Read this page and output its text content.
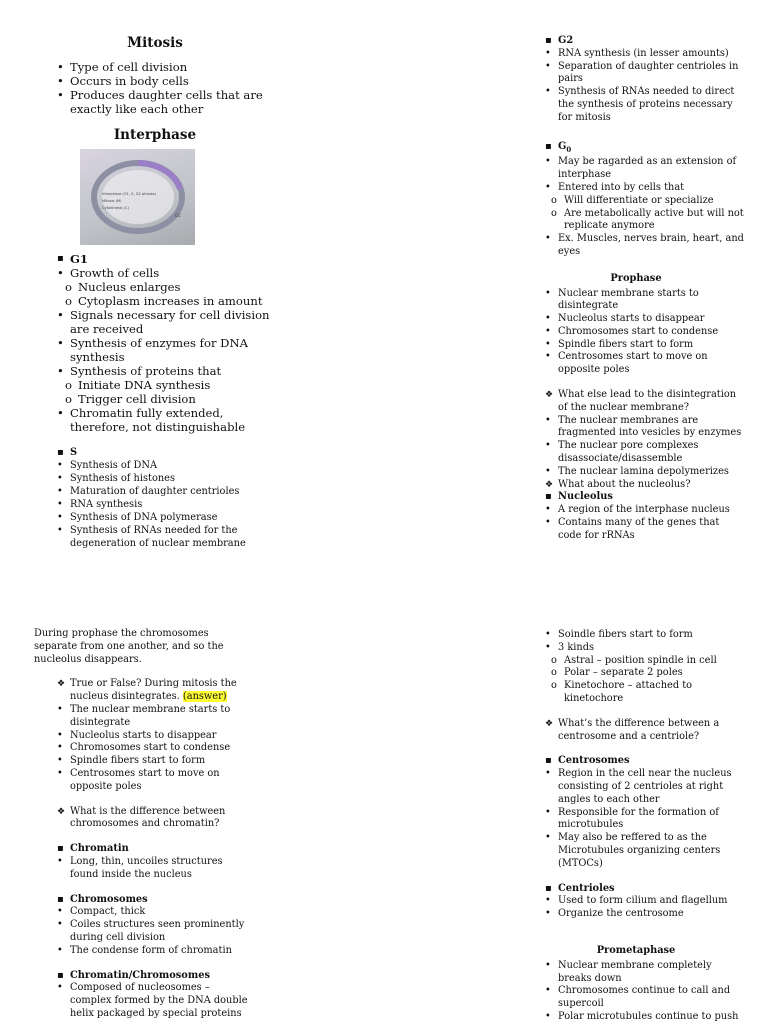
Mitosis
• Type of cell division
• Occurs in body cells
• Produces daughter cells that are exactly like each other
Interphase
▪ G1
• Growth of cells
o Nucleus enlarges
o Cytoplasm increases in amount
• Signals necessary for cell division are received
• Synthesis of enzymes for DNA synthesis
• Synthesis of proteins that
o Initiate DNA synthesis
o Trigger cell division
• Chromatin fully extended, therefore, not distinguishable
▪ S
• Synthesis of DNA
• Synthesis of histones
• Maturation of daughter centrioles
• RNA synthesis
• Synthesis of DNA polymerase
• Synthesis of RNAs needed for the degeneration of nuclear membrane
Interphase (G1, S, G2 phases)
Mitosis (M)
Cytokinesis (C)
G1
▪ G2
• RNA synthesis (in lesser amounts)
• Separation of daughter centrioles in pairs
• Synthesis of RNAs needed to direct the synthesis of proteins necessary for mitosis
▪ $G_0$
• May be ragarded as an extension of interphase
• Entered into by cells that
o Will differentiate or specialize
o Are metabolically active but will not replicate anymore
• Ex. Muscles, nerves brain, heart, and eyes
Prophase
• Nuclear membrane starts to disintegrate
• Nucleolus starts to disappear
• Chromosomes start to condense
• Spindle fibers start to form
• Centrosomes start to move on opposite poles
❖ What else lead to the disintegration of the nuclear membrane?
• The nuclear membranes are fragmented into vesicles by enzymes
• The nuclear pore complexes disassociate/disassemble
• The nuclear lamina depolymerizes
❖ What about the nucleolus?
▪ Nucleolus
• A region of the interphase nucleus
• Contains many of the genes that code for rRNAs
During prophase the chromosomes separate from one another, and so the nucleolus disappears.
❖ True or False? During mitosis the nucleus disintegrates. (answer)
• The nuclear membrane starts to disintegrate
• Nucleolus starts to disappear
• Chromosomes start to condense
• Spindle fibers start to form
• Centrosomes start to move on opposite poles
❖ What is the difference between chromosomes and chromatin?
▪ Chromatin
• Long, thin, uncoiles structures found inside the nucleus
▪ Chromosomes
• Compact, thick
• Coiles structures seen prominently during cell division
• The condense form of chromatin
▪ Chromatin/Chromosomes
• Composed of nucleosomes – complex formed by the DNA double helix packaged by special proteins
• Soindle fibers start to form
• 3 kinds
o Astral – position spindle in cell
o Polar – separate 2 poles
o Kinetochore – attached to kinetochore
❖ What’s the difference between a centrosome and a centriole?
▪ Centrosomes
• Region in the cell near the nucleus consisting of 2 centrioles at right angles to each other
• Responsible for the formation of microtubules
• May also be reffered to as the Microtubules organizing centers (MTOCs)
▪ Centrioles
• Used to form cilium and flagellum
• Organize the centrosome
Prometaphase
• Nuclear membrane completely breaks down
• Chromosomes continue to call and supercoil
• Polar microtubules continue to push
